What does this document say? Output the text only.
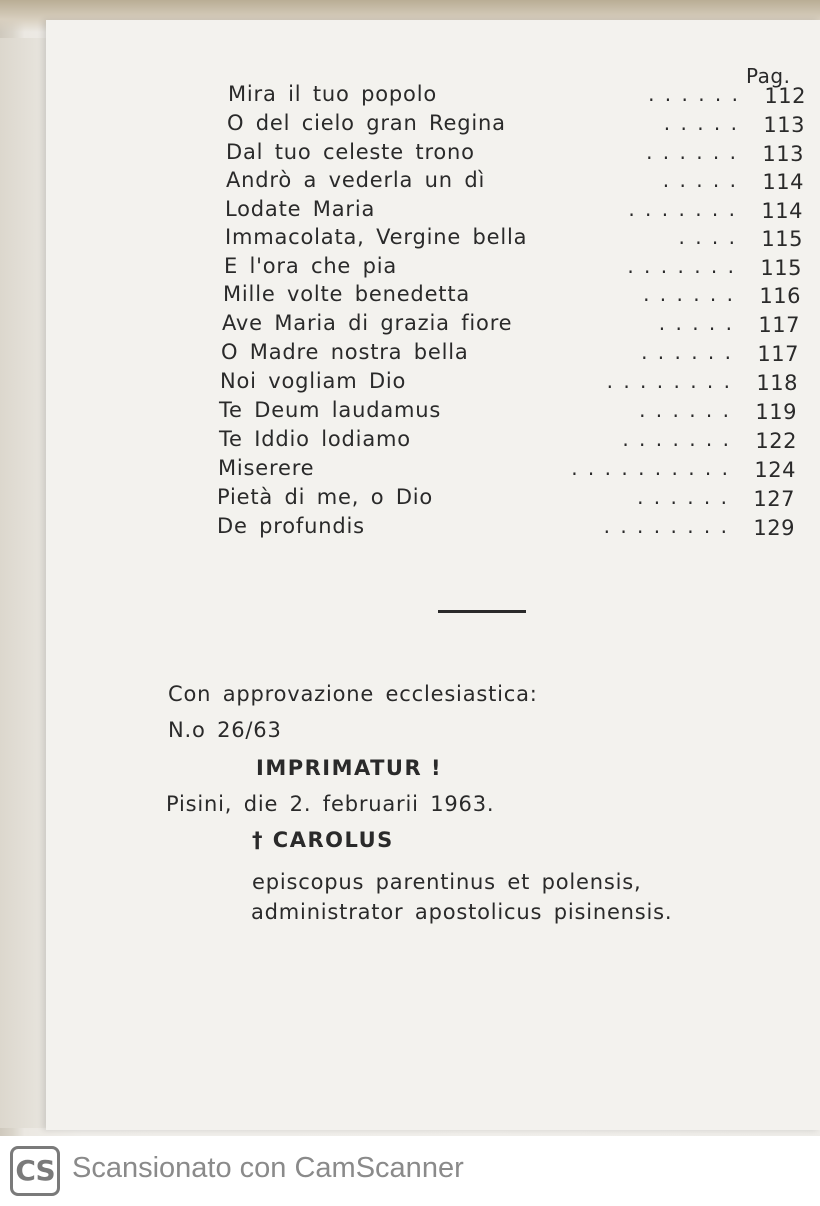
Pag.
Mira il tuo popolo	. . . . . .	112
O del cielo gran Regina	. . . . .	113
Dal tuo celeste trono	. . . . . .	113
Andrò a vederla un dì	. . . . .	114
Lodate Maria	. . . . . . .	114
Immacolata, Vergine bella	. . . .	115
E l'ora che pia	. . . . . . .	115
Mille volte benedetta	. . . . . .	116
Ave Maria di grazia fiore	. . . . .	117
O Madre nostra bella	. . . . . .	117
Noi vogliam Dio	. . . . . . . .	118
Te Deum laudamus	. . . . . .	119
Te Iddio lodiamo	. . . . . . .	122
Miserere	. . . . . . . . . .	124
Pietà di me, o Dio	. . . . . .	127
De profundis	. . . . . . . .	129
Con approvazione ecclesiastica:
N.o 26/63
IMPRIMATUR !
Pisini, die 2. februarii 1963.
† CAROLUS
episcopus parentinus et polensis,
administrator apostolicus pisinensis.
CS Scansionato con CamScanner
